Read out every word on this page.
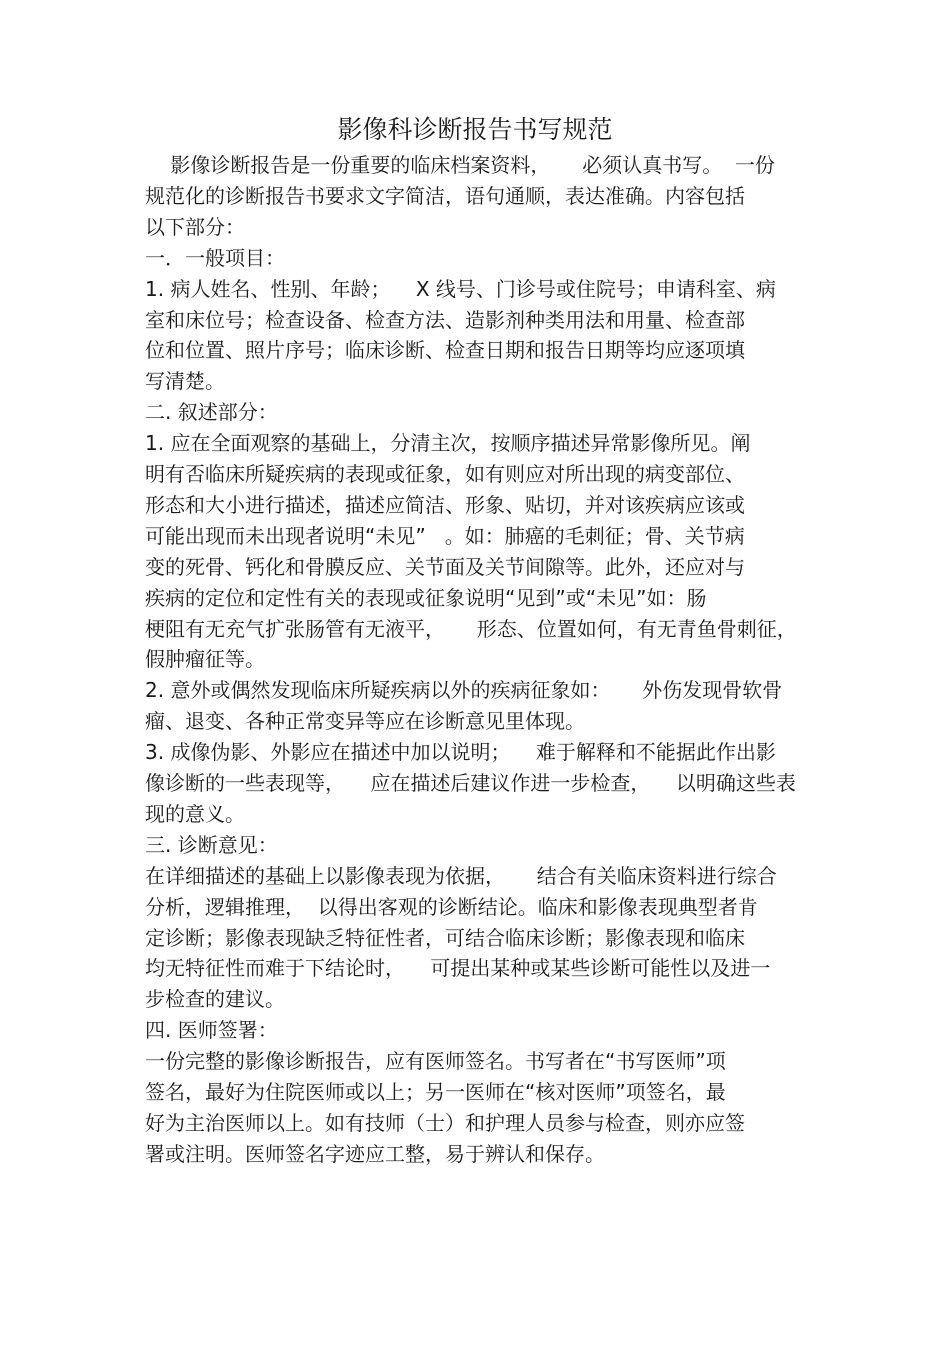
影像科诊断报告书写规范

影像诊断报告是一份重要的临床档案资料，     必须认真书写。  一份

规范化的诊断报告书要求文字简洁，语句通顺，表达准确。内容包括

以下部分：

一．一般项目：

1. 病人姓名、性别、年龄；    X 线号、门诊号或住院号；申请科室、病

室和床位号；检查设备、检查方法、造影剂种类用法和用量、检查部

位和位置、照片序号；临床诊断、检查日期和报告日期等均应逐项填

写清楚。

二. 叙述部分：

1. 应在全面观察的基础上，分清主次，按顺序描述异常影像所见。阐

明有否临床所疑疾病的表现或征象，如有则应对所出现的病变部位、

形态和大小进行描述，描述应简洁、形象、贴切，并对该疾病应该或

可能出现而未出现者说明“未见”   。如：肺癌的毛刺征；骨、关节病

变的死骨、钙化和骨膜反应、关节面及关节间隙等。此外，还应对与

疾病的定位和定性有关的表现或征象说明“见到”或“未见”如：肠

梗阻有无充气扩张肠管有无液平，     形态、位置如何，有无青鱼骨刺征，

假肿瘤征等。

2. 意外或偶然发现临床所疑疾病以外的疾病征象如：     外伤发现骨软骨

瘤、退变、各种正常变异等应在诊断意见里体现。

3. 成像伪影、外影应在描述中加以说明；    难于解释和不能据此作出影

像诊断的一些表现等，    应在描述后建议作进一步检查，    以明确这些表

现的意义。

三. 诊断意见：

在详细描述的基础上以影像表现为依据，     结合有关临床资料进行综合

分析，逻辑推理，  以得出客观的诊断结论。临床和影像表现典型者肯

定诊断；影像表现缺乏特征性者，可结合临床诊断；影像表现和临床

均无特征性而难于下结论时，    可提出某种或某些诊断可能性以及进一

步检查的建议。

四. 医师签署：

一份完整的影像诊断报告，应有医师签名。书写者在“书写医师”项

签名，最好为住院医师或以上；另一医师在“核对医师”项签名，最

好为主治医师以上。如有技师（士）和护理人员参与检查，则亦应签

署或注明。医师签名字迹应工整，易于辨认和保存。
